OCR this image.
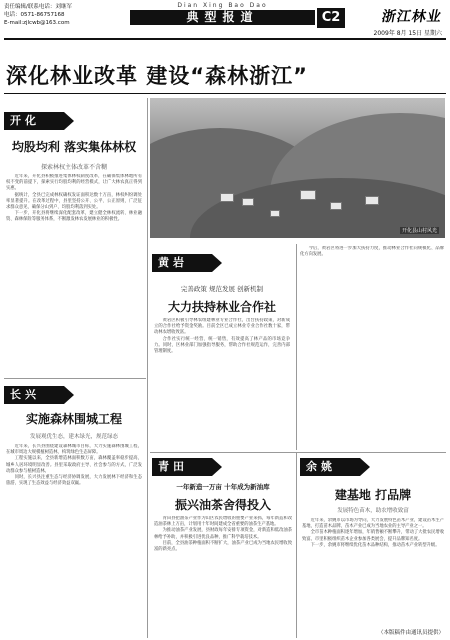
责任编辑/联系电话：刘继军
电话：0571-86757168
E-mail:zjlcwb@163.com
Dian Xing Bao Dao
典型报道	C2	浙江林业
2009年 8月 15日 星期六
深化林业改革 建设“森林浙江”
开化
均股均利 落实集体林权
探索林权主体改革不含糊

近年来，开化县积极推进集体林权制度改革，在确保集体林地所有权不变的前提下，探索实行均股均利的经营模式，让广大林农真正得到实惠。

据统计，全县已完成林权确权发证面积达数十万亩，林权纠纷调处率显著提升。在改革过程中，县里坚持公开、公平、公正原则，广泛征求群众意见，确保分山到户、均股均利落到实处。

下一步，开化县将继续深化配套改革，建立健全林权流转、林业融资、森林保险等服务体系，不断激发林农发展林业的积极性。

开化县山村风光
黄岩
完善政策 规范发展 创新机制
大力扶持林业合作社

黄岩区积极引导林农组建林业专业合作社，出台扶持政策，对新成立的合作社给予资金奖励。目前全区已成立林业专业合作社数十家，带动林农增收致富。

合作社实行统一经营、统一销售，有效提高了林产品的市场竞争力。同时，区林业部门加强指导服务，帮助合作社规范运作，完善内部管理制度。

今后，黄岩区将进一步加大扶持力度，推动林业合作社向规模化、品牌化方向发展。

长兴
实施森林围城工程
发展观优生态，建木绿光，规范绿态

近年来，长兴县围绕建设森林城市目标，大力实施森林围城工程，在城市周边大规模植树造林，构筑绿色生态屏障。

工程实施以来，全县新增造林面积数万亩，森林覆盖率稳步提高，城乡人居环境明显改善。县里采取政府主导、社会参与的方式，广泛发动群众参与植树造林。

同时，长兴县注重生态与经济协调发展，大力发展林下经济和生态旅游，实现了生态效益与经济效益双赢。

青田
一年新造一万亩 十年成为新油库
振兴油茶舍得投入

青田县把油茶产业作为山区农民增收的重要产业来抓，每年新造和改造油茶林上万亩，计划用十年时间建成全省重要的油茶生产基地。

为推动油茶产业发展，县财政每年安排专项资金，对新造和低改油茶林给予补助，并积极引进优良品种，推广科学栽培技术。

目前，全县油茶种植面积不断扩大，油茶产业已成为当地农民增收致富的新亮点。

余姚
建基地 打品牌
发展特色苗木，助农增收致富

近年来，余姚市以市场为导向，大力发展特色苗木产业，建设苗木生产基地，打造苗木品牌，苗木产业已成为当地农业的主导产业之一。

全市苗木种植面积逐年增加，年销售额不断攀升，带动了大批农民增收致富。市里积极组织苗木企业参加各类展会，提升品牌知名度。

下一步，余姚市将继续优化苗木品种结构，推动苗木产业转型升级。

（本版稿件由通讯员提供）
